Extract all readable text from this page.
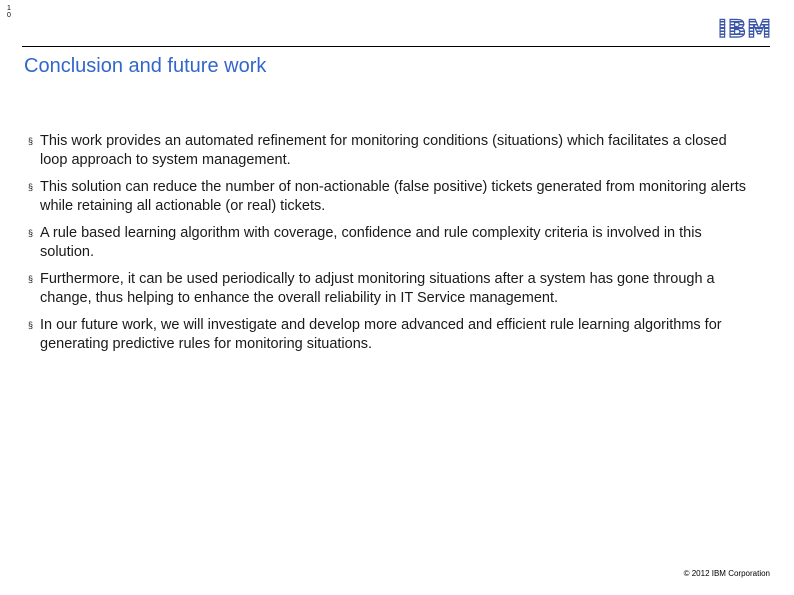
10	IBM
Conclusion and future work
§ This work provides an automated refinement for monitoring conditions (situations) which facilitates a closed loop approach to system management.
§ This solution can reduce the number of non-actionable (false positive) tickets generated from monitoring alerts while retaining all actionable (or real) tickets.
§ A rule based learning algorithm with coverage, confidence and rule complexity criteria is involved in this solution.
§ Furthermore, it can be used periodically to adjust monitoring situations after a system has gone through a change, thus helping to enhance the overall reliability in IT Service management.
§ In our future work, we will investigate and develop more advanced and efficient rule learning algorithms for generating predictive rules for monitoring situations.
© 2012 IBM Corporation
